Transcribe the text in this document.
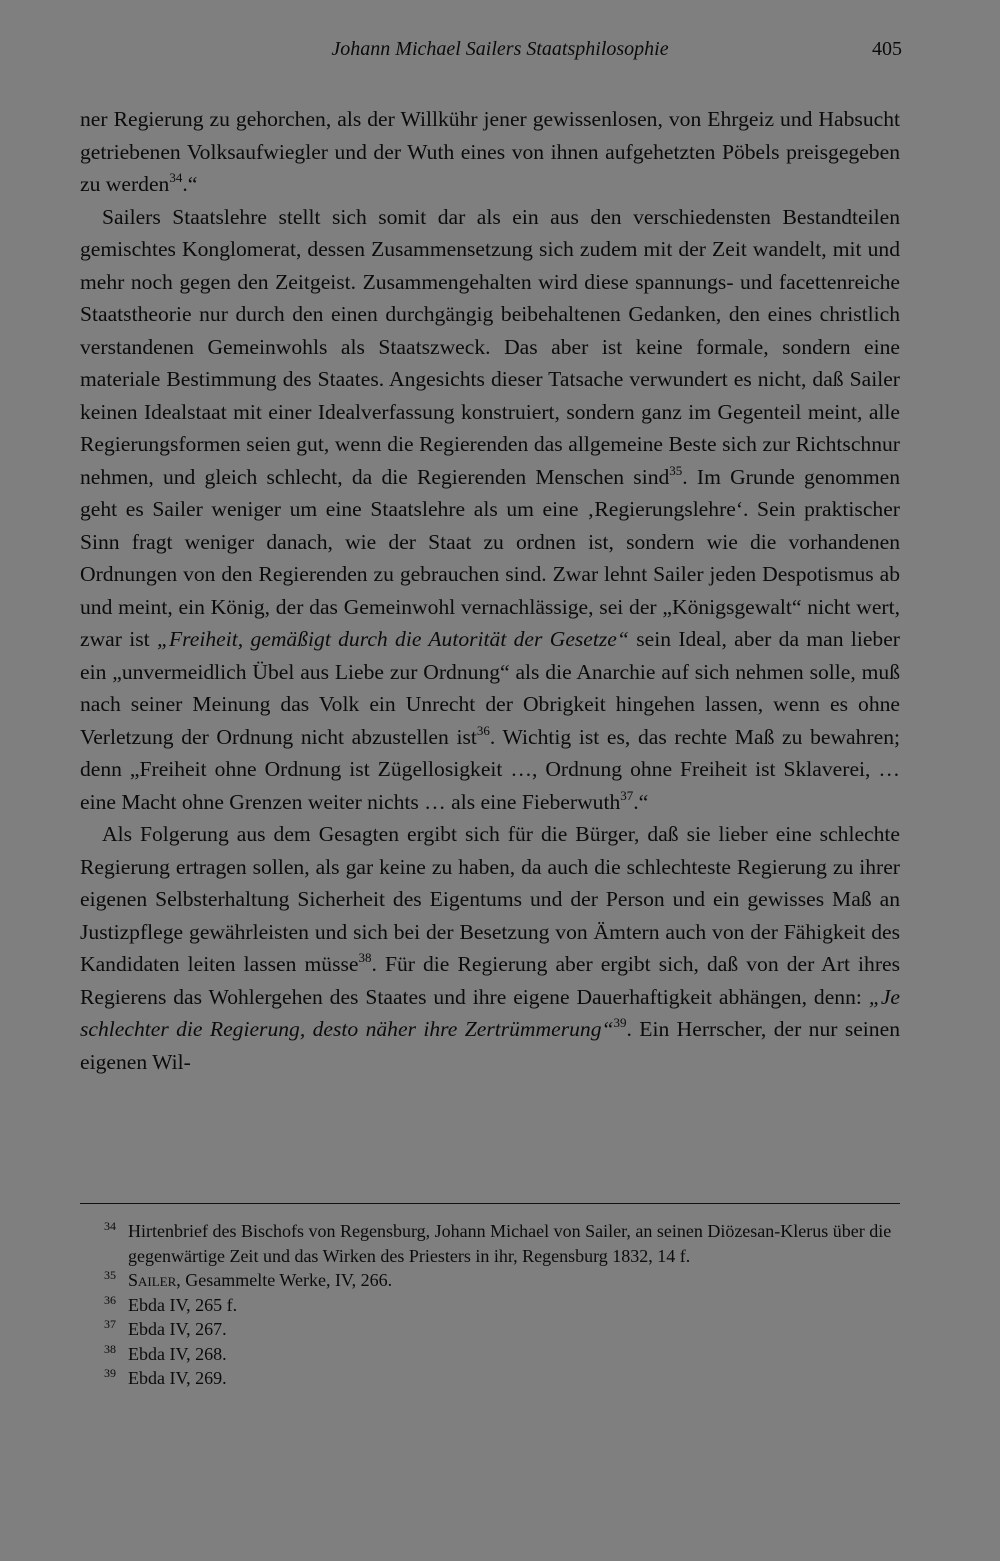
Johann Michael Sailers Staatsphilosophie	405

ner Regierung zu gehorchen, als der Willkühr jener gewissenlosen, von Ehrgeiz und Habsucht getriebenen Volksaufwiegler und der Wuth eines von ihnen aufgehetzten Pöbels preisgegeben zu werden$^{34}$.“

Sailers Staatslehre stellt sich somit dar als ein aus den verschiedensten Bestandteilen gemischtes Konglomerat, dessen Zusammensetzung sich zudem mit der Zeit wandelt, mit und mehr noch gegen den Zeitgeist. Zusammengehalten wird diese spannungs- und facettenreiche Staatstheorie nur durch den einen durchgängig beibehaltenen Gedanken, den eines christlich verstandenen Gemeinwohls als Staatszweck. Das aber ist keine formale, sondern eine materiale Bestimmung des Staates. Angesichts dieser Tatsache verwundert es nicht, daß Sailer keinen Idealstaat mit einer Idealverfassung konstruiert, sondern ganz im Gegenteil meint, alle Regierungsformen seien gut, wenn die Regierenden das allgemeine Beste sich zur Richtschnur nehmen, und gleich schlecht, da die Regierenden Menschen sind$^{35}$. Im Grunde genommen geht es Sailer weniger um eine Staatslehre als um eine ‚Regierungslehre‘. Sein praktischer Sinn fragt weniger danach, wie der Staat zu ordnen ist, sondern wie die vorhandenen Ordnungen von den Regierenden zu gebrauchen sind. Zwar lehnt Sailer jeden Despotismus ab und meint, ein König, der das Gemeinwohl vernachlässige, sei der „Königsgewalt“ nicht wert, zwar ist „Freiheit, gemäßigt durch die Autorität der Gesetze“ sein Ideal, aber da man lieber ein „unvermeidlich Übel aus Liebe zur Ordnung“ als die Anarchie auf sich nehmen solle, muß nach seiner Meinung das Volk ein Unrecht der Obrigkeit hingehen lassen, wenn es ohne Verletzung der Ordnung nicht abzustellen ist$^{36}$. Wichtig ist es, das rechte Maß zu bewahren; denn „Freiheit ohne Ordnung ist Zügellosigkeit …, Ordnung ohne Freiheit ist Sklaverei, … eine Macht ohne Grenzen weiter nichts … als eine Fieberwuth$^{37}$.“

Als Folgerung aus dem Gesagten ergibt sich für die Bürger, daß sie lieber eine schlechte Regierung ertragen sollen, als gar keine zu haben, da auch die schlechteste Regierung zu ihrer eigenen Selbsterhaltung Sicherheit des Eigentums und der Person und ein gewisses Maß an Justizpflege gewährleisten und sich bei der Besetzung von Ämtern auch von der Fähigkeit des Kandidaten leiten lassen müsse$^{38}$. Für die Regierung aber ergibt sich, daß von der Art ihres Regierens das Wohlergehen des Staates und ihre eigene Dauerhaftigkeit abhängen, denn: „Je schlechter die Regierung, desto näher ihre Zertrümmerung“$^{39}$. Ein Herrscher, der nur seinen eigenen Wil-

$^{34}$ Hirtenbrief des Bischofs von Regensburg, Johann Michael von Sailer, an seinen Diözesan-Klerus über die gegenwärtige Zeit und das Wirken des Priesters in ihr, Regensburg 1832, 14 f.
$^{35}$ Sailer, Gesammelte Werke, IV, 266.
$^{36}$ Ebda IV, 265 f.
$^{37}$ Ebda IV, 267.
$^{38}$ Ebda IV, 268.
$^{39}$ Ebda IV, 269.
